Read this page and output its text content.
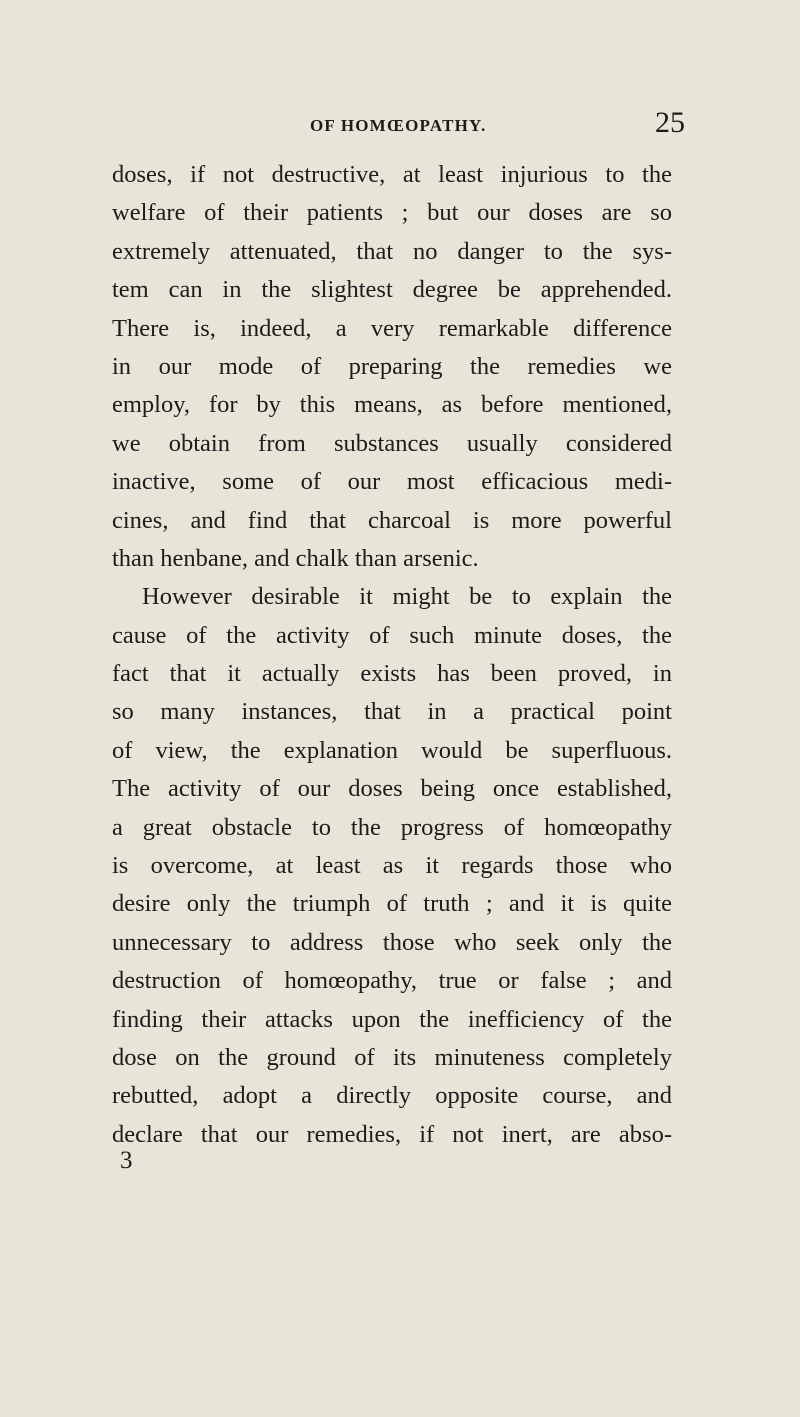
OF HOMŒOPATHY.	25
doses, if not destructive, at least injurious to the
welfare of their patients ; but our doses are so
extremely attenuated, that no danger to the sys-
tem can in the slightest degree be apprehended.
There is, indeed, a very remarkable difference
in our mode of preparing the remedies we
employ, for by this means, as before mentioned,
we obtain from substances usually considered
inactive, some of our most efficacious medi-
cines, and find that charcoal is more powerful
than henbane, and chalk than arsenic.
However desirable it might be to explain the
cause of the activity of such minute doses, the
fact that it actually exists has been proved, in
so many instances, that in a practical point
of view, the explanation would be superfluous.
The activity of our doses being once established,
a great obstacle to the progress of homœopathy
is overcome, at least as it regards those who
desire only the triumph of truth ; and it is quite
unnecessary to address those who seek only the
destruction of homœopathy, true or false ; and
finding their attacks upon the inefficiency of the
dose on the ground of its minuteness completely
rebutted, adopt a directly opposite course, and
declare that our remedies, if not inert, are abso-
3
